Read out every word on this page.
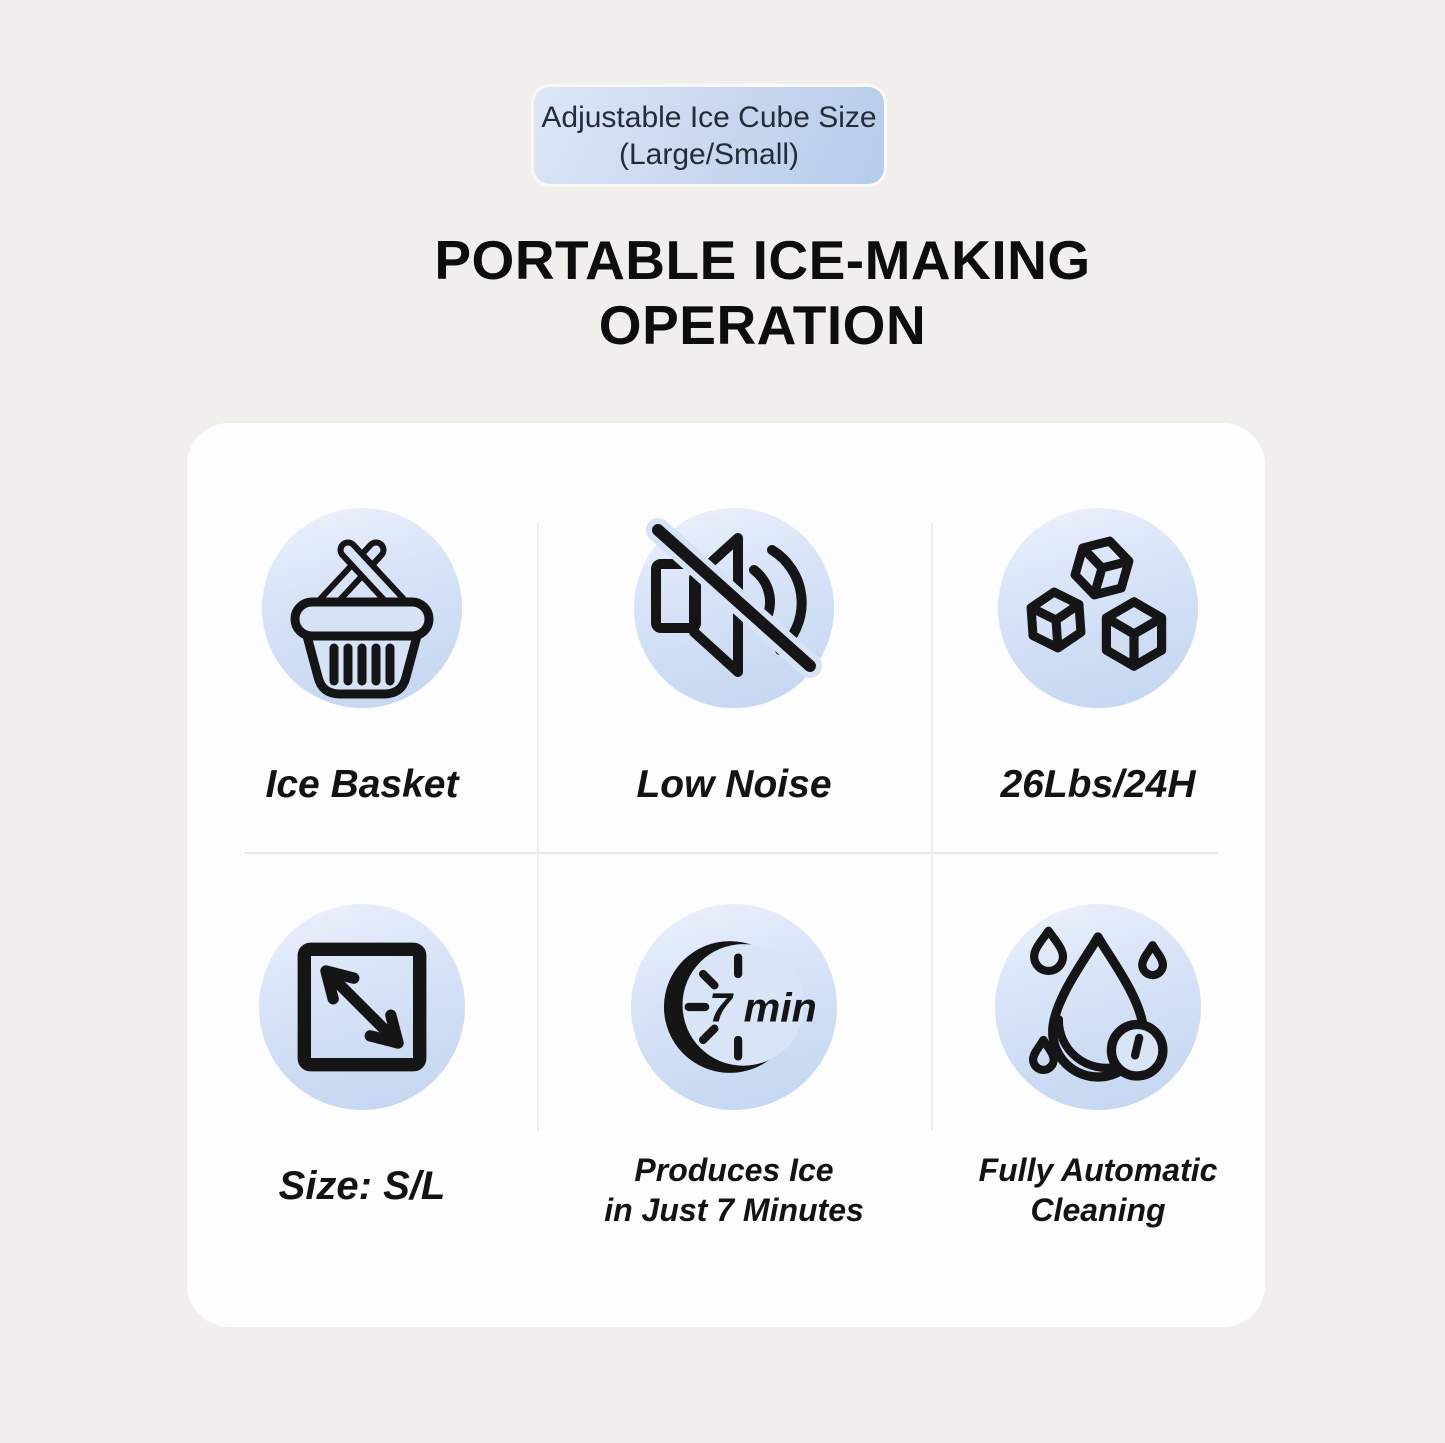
Adjustable Ice Cube Size
(Large/Small)
PORTABLE ICE-MAKING
OPERATION
Ice Basket	Low Noise	26Lbs/24H
Size: S/L
7 min
Produces Ice
in Just 7 Minutes
Fully Automatic
Cleaning
